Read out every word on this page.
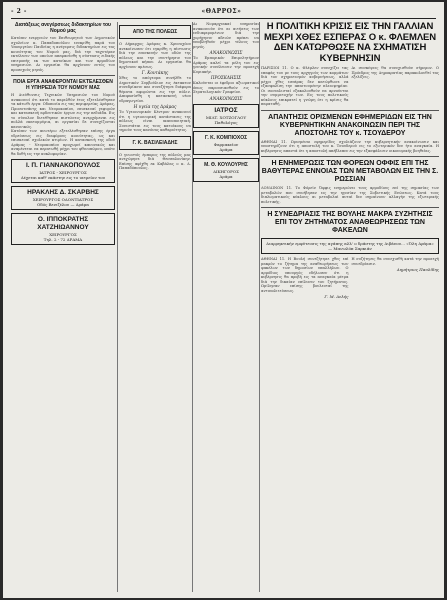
- 2 -	«ΘΑΡΡΟΣ»
Διατάξεως ανεγέρσεως διδακτηρίων του Νομού μας
Κατόπιν ενεργειών του Επιθεωρητού των Δημοτικών σχολείων κ. Παπαδοπούλου ενεκρίθη παρά του Υπουργείου Παιδείας η ανέγερσις διδακτηρίων εις τας κοινότητας του Νομού μας, διά την ταχυτέραν εκτέλεσιν των οποίων απεφασίσθη η σύστασις ειδικής επιτροπής εκ των κατοίκων και των αρμοδίων υπηρεσιών. Αι εργασίαι θα αρχίσουν εντός του προσεχούς μηνός.
ΠΟΙΑ ΕΡΓΑ ΑΝΑΦΕΡΟΝΤΑΙ ΕΚΤΕΛΕΣΘΕΝ Η ΥΠΗΡΕΣΙΑ ΤΟΥ ΝΟΜΟΥ ΜΑΣ
Η Διεύθυνσις Τεχνικών Υπηρεσιών του Νομού ανακοινοί ότι κατά το παρελθόν έτος εξετελέσθησαν τα κάτωθι έργα: Οδοποιία εις τας περιφερείας Δράμας, Προσοτσάνης και Νευροκοπίου, επισκευαί γεφυρών και κατασκευή αρδευτικών έργων εις την πεδιάδα. Εις το σύνολον διετέθησαν πιστώσεις ανερχόμεναι εις πολλά εκατομμύρια, αι εργασίαι δε συνεχίζονται κανονικώς.
Κατόπιν των ανωτέρω εξετελέσθησαν επίσης έργα υδρεύσεως εις διαφόρους κοινότητας, ως και επισκευαί σχολικών κτιρίων. Η κατασκευή της οδού Δράμας - Νευροκοπίου προχωρεί κανονικώς και αναμένεται να περατωθή μέχρι του φθινοπώρου, οπότε θα δοθή εις την κυκλοφορίαν.
Ι. Π. ΓΙΑΝΝΑΚΟΠΟΥΛΟΣ
ΙΑΤΡΟΣ - ΧΕΙΡΟΥΡΓΟΣ
Δέχεται καθ' εκάστην εις το ιατρείον του
ΗΡΑΚΛΗΣ Δ. ΣΚΑΡΒΗΣ
ΧΕΙΡΟΥΡΓΟΣ ΟΔΟΝΤΙΑΤΡΟΣ
Οδός Βενιζέλου — Δράμα
Ο. ΙΠΠΟΚΡΑΤΗΣ ΧΑΤΖΗΙΩΑΝΝΟΥ
ΧΕΙΡΟΥΡΓΟΣ
Τηλ. 2 - 72 ΔΡΑΜΑ
ΑΠΟ ΤΗΣ ΠΟΛΕΩΣ
Ο Δήμαρχος Δράμας κ. Χρυσοχόου ανεκοίνωσεν ότι εγκρίθη η πίστωσις διά την επισκευήν των οδών της πόλεως και την συντήρησιν του δημοτικού κήπου. Αι εργασίαι θα αρχίσουν αμέσως.
Γ. Κοντάκης
Χθες το απόγευμα συνήλθε το Δημοτικόν Συμβούλιον εις έκτακτον συνεδρίασιν και συνεζήτησε διάφορα θέματα αφορώντα εις την πόλιν. Απεφασίσθη η κατασκευή νέου υδραγωγείου.
Η υγεία της Δράμας
Το Υγειονομικόν Κέντρον ανακοινοί ότι η υγειονομική κατάστασις της πόλεως είναι ικανοποιητική. Συνιστάται εις τους κατοίκους να τηρούν τους κανόνας καθαριότητος.
Γ. Κ. ΒΑΣΙΛΕΙΑΔΗΣ
Ο γνωστός έμπορος της πόλεώς μας ανεχώρησε διά Θεσσαλονίκην. Επίσης αφίχθη εκ Καβάλας ο κ. Δ. Παπαδόπουλος.
Αι Νομαρχιακαί υπηρεσίαι ανακοινούν ότι αι αιτήσεις των ενδιαφερομένων διά την χορήγησιν αδειών πρέπει να υποβληθούν μέχρι τέλους του μηνός.
ΑΝΑΚΟΙΝΩΣΙΣ
Το Εμπορικόν Επιμελητήριον Δράμας καλεί τα μέλη του εις γενικήν συνέλευσιν την προσεχή Κυριακήν.
ΠΡΟΣΚΛΗΣΙΣ
Καλούνται οι έφεδροι αξιωματικοί όπως παρουσιασθούν εις το Στρατολογικόν Γραφείον.
ΑΝΑΚΟΙΝΩΣΙΣ
ΙΑΤΡΟΣ
ΜΙΛΤ. ΧΟΤΖΟΓΛΟΥ
Παθολόγος
Γ. Κ. ΚΟΜΠΙΟΧΟΣ
Φαρμακείον
Δράμα
Μ. Θ. ΚΟΥΛΟΥΡΗΣ
ΔΙΚΗΓΟΡΟΣ
Δράμα
Η ΠΟΛΙΤΙΚΗ ΚΡΙΣΙΣ ΕΙΣ ΤΗΝ ΓΑΛΛΙΑΝ ΜΕΧΡΙ ΧΘΕΣ ΕΣΠΕΡΑΣ Ο κ. ΦΛΕΜΛΕΝ ΔΕΝ ΚΑΤΩΡΘΩΣΕ ΝΑ ΣΧΗΜΑΤΙΣΗ ΚΥΒΕΡΝΗΣΙΝ
ΠΑΡΙΣΙΟΙ 11. Ο κ. Φλέμλεν συνεχίζει τας επαφάς του με τους αρχηγούς των κομμάτων διά τον σχηματισμόν κυβερνήσεως, αλλά μέχρι χθες εσπέρας δεν κατώρθωσε να εξασφαλίση την απαιτουμένην πλειοψηφίαν. Οι σοσιαλισταί εξακολουθούν να αρνούνται την συμμετοχήν των. Εις τους πολιτικούς κύκλους επικρατεί η γνώμη ότι η κρίσις θα παραταθή.
Αι συσκέψεις θα συνεχισθούν σήμερον. Ο Πρόεδρος της Δημοκρατίας παρακολουθεί τας εξελίξεις.
ΑΠΑΝΤΗΣΙΣ ΟΡΙΣΜΕΝΩΝ ΕΦΗΜΕΡΙΔΩΝ ΕΙΣ ΤΗΝ ΚΥΒΕΡΝΗΤΙΚΗΝ ΑΝΑΚΟΙΝΩΣΙΝ ΠΕΡΙ ΤΗΣ ΑΠΟΣΤΟΛΗΣ ΤΟΥ κ. ΤΣΟΥΔΕΡΟΥ
ΑΘΗΝΑΙ 11. Ωρισμέναι εφημερίδες σχολιάζουν την κυβερνητικήν ανακοίνωσιν και υποστηρίζουν ότι η αποστολή του κ. Τσουδερού εις το εξωτερικόν δεν ήτο αναγκαία. Η κυβέρνησις απαντά ότι η αποστολή απέβλεπεν εις την εξασφάλισιν οικονομικής βοηθείας.
Η ΕΝΗΜΕΡΩΣΙΣ ΤΩΝ ΦΟΡΕΩΝ ΟΦΦΙΣ ΕΠΙ ΤΗΣ ΒΑΘΥΤΕΡΑΣ ΕΝΝΟΙΑΣ ΤΩΝ ΜΕΤΑΒΟΛΩΝ ΕΙΣ ΤΗΝ Σ. ΡΩΣΣΙΑΝ
ΛΟΝΔΙΝΟΝ 11. Το Φόρεϊν Όφφις ενημερώνει τους αρμοδίους επί της σημασίας των μεταβολών που συνέβησαν εις την ηγεσίαν της Σοβιετικής Ενώσεως. Κατά τους διπλωματικούς κύκλους αι μεταβολαί αυταί δεν σημαίνουν αλλαγήν της εξωτερικής πολιτικής.
Η ΣΥΝΕΔΡΙΑΣΙΣ ΤΗΣ ΒΟΥΛΗΣ ΜΑΚΡΑ ΣΥΖΗΤΗΣΙΣ ΕΠΙ ΤΟΥ ΖΗΤΗΜΑΤΟΣ ΑΝΑΘΕΩΡΗΣΕΩΣ ΤΩΝ ΦΑΚΕΛΩΝ
Διαρρηκτικήν εμφύτευσις της αγάπης αλλ' ο δράστης της Διβάνου... «Όλη Δράμα» — Μανωλόπ Σαρκιάν
ΑΘΗΝΑΙ 11. Η Βουλή συνεζήτησε χθες επί μακρόν το ζήτημα της αναθεωρήσεως των φακέλων των δημοσίων υπαλλήλων. Ο αρμόδιος υπουργός εδήλωσεν ότι η κυβέρνησις θα προβή εις τα αναγκαία μέτρα διά την δικαίαν επίλυσιν του ζητήματος. Ωμίλησαν επίσης βουλευταί της αντιπολιτεύσεως.
Γ. Μ. Δελής
Η συζήτησις θα συνεχισθή κατά την προσεχή συνεδρίασιν.
Δημήτριος Παυλίδης
